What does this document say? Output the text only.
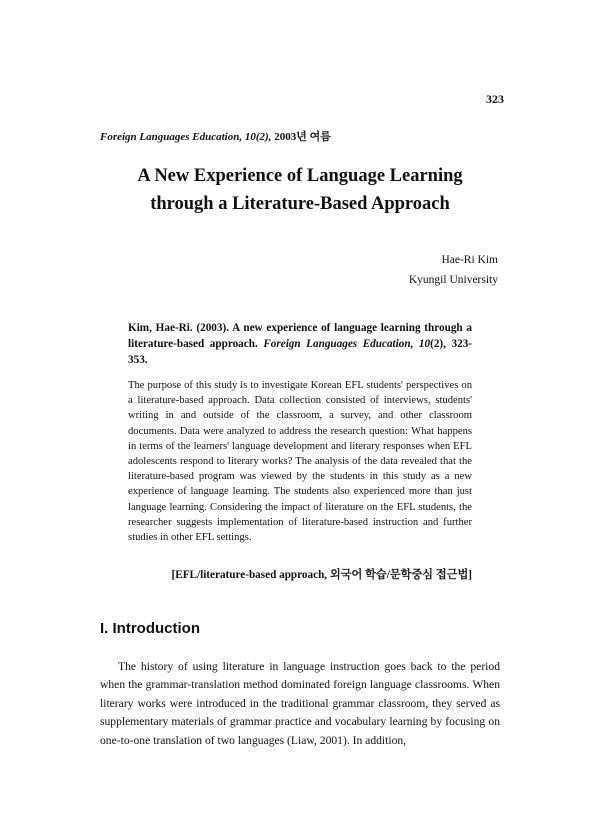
323
Foreign Languages Education, 10(2), 2003년 여름
A New Experience of Language Learning
through a Literature-Based Approach
Hae-Ri Kim
Kyungil University
Kim, Hae-Ri. (2003). A new experience of language learning through a literature-based approach. Foreign Languages Education, 10(2), 323-353.
The purpose of this study is to investigate Korean EFL students' perspectives on a literature-based approach. Data collection consisted of interviews, students' writing in and outside of the classroom, a survey, and other classroom documents. Data were analyzed to address the research question: What happens in terms of the learners' language development and literary responses when EFL adolescents respond to literary works? The analysis of the data revealed that the literature-based program was viewed by the students in this study as a new experience of language learning. The students also experienced more than just language learning. Considering the impact of literature on the EFL students, the researcher suggests implementation of literature-based instruction and further studies in other EFL settings.
[EFL/literature-based approach, 외국어 학습/문학중심 접근법]
I. Introduction

The history of using literature in language instruction goes back to the period when the grammar-translation method dominated foreign language classrooms. When literary works were introduced in the traditional grammar classroom, they served as supplementary materials of grammar practice and vocabulary learning by focusing on one-to-one translation of two languages (Liaw, 2001). In addition,
